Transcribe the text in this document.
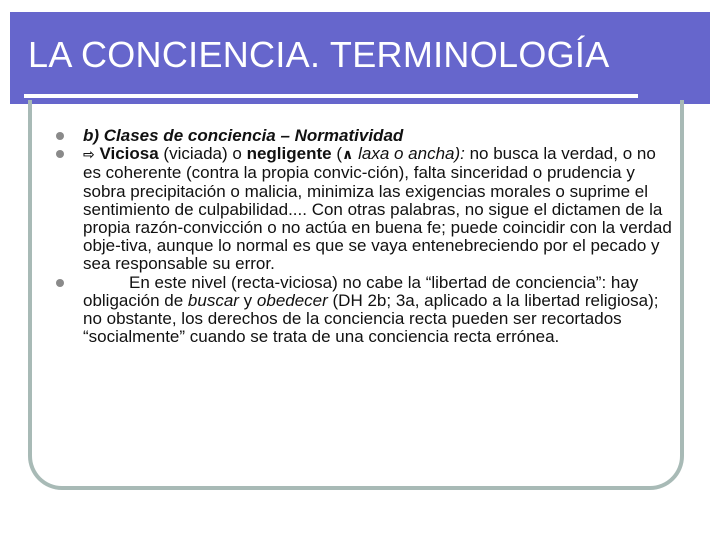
LA CONCIENCIA. TERMINOLOGÍA
b) Clases de conciencia – Normatividad
⇨ Viciosa (viciada) o negligente (∧ laxa o ancha): no busca la verdad, o no es coherente (contra la propia convic-ción), falta sinceridad o prudencia y sobra precipitación o malicia, minimiza las exigencias morales o suprime el sentimiento de culpabilidad.... Con otras palabras, no sigue el dictamen de la propia razón-convicción o no actúa en buena fe; puede coincidir con la verdad obje-tiva, aunque lo normal es que se vaya entenebreciendo por el pecado y sea responsable su error.
En este nivel (recta-viciosa) no cabe la “libertad de conciencia”: hay obligación de buscar y obedecer (DH 2b; 3a, aplicado a la libertad religiosa); no obstante, los derechos de la conciencia recta pueden ser recortados “socialmente” cuando se trata de una conciencia recta errónea.
